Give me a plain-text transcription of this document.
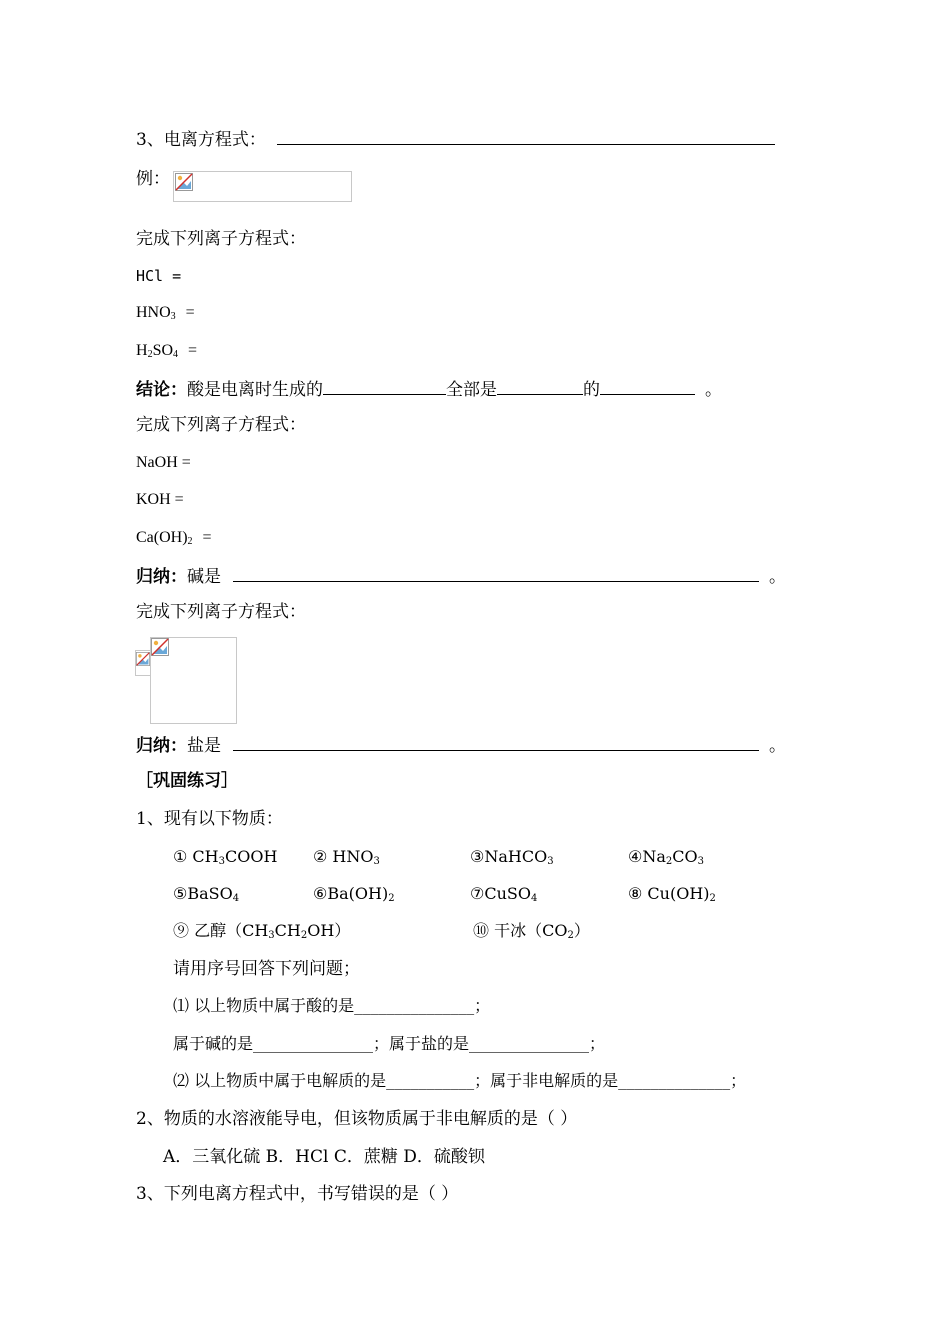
3、电离方程式：
例：
完成下列离子方程式：
HCl =
$HNO_3$ =
$H_2SO_4$ =
结论：酸是电离时生成的	全部是	的	。
完成下列离子方程式：
NaOH =
KOH =
$Ca(OH)_2$ =
归纳：碱是	。
完成下列离子方程式：
归纳：盐是	。
［巩固练习］
1、现有以下物质：
① $CH_3COOH$ ② $HNO_3$	③NaHCO$_3$	$④Na_2CO_3$
⑤BaSO$_4$	$⑥Ba(OH)_2$	⑦CuSO$_4$	⑧ $Cu(OH)_2$
⑨ 乙醇$(CH_3CH_2OH)$	⑩ 干冰$(CO_2)$
请用序号回答下列问题；
⑴ 以上物质中属于酸的是_______________；
属于碱的是_______________；属于盐的是_______________；
⑵ 以上物质中属于电解质的是___________；属于非电解质的是______________；
2、物质的水溶液能导电，但该物质属于非电解质的是（ ）
A．三氧化硫 B．HCl C．蔗糖 D．硫酸钡
3、下列电离方程式中，书写错误的是（ ）
